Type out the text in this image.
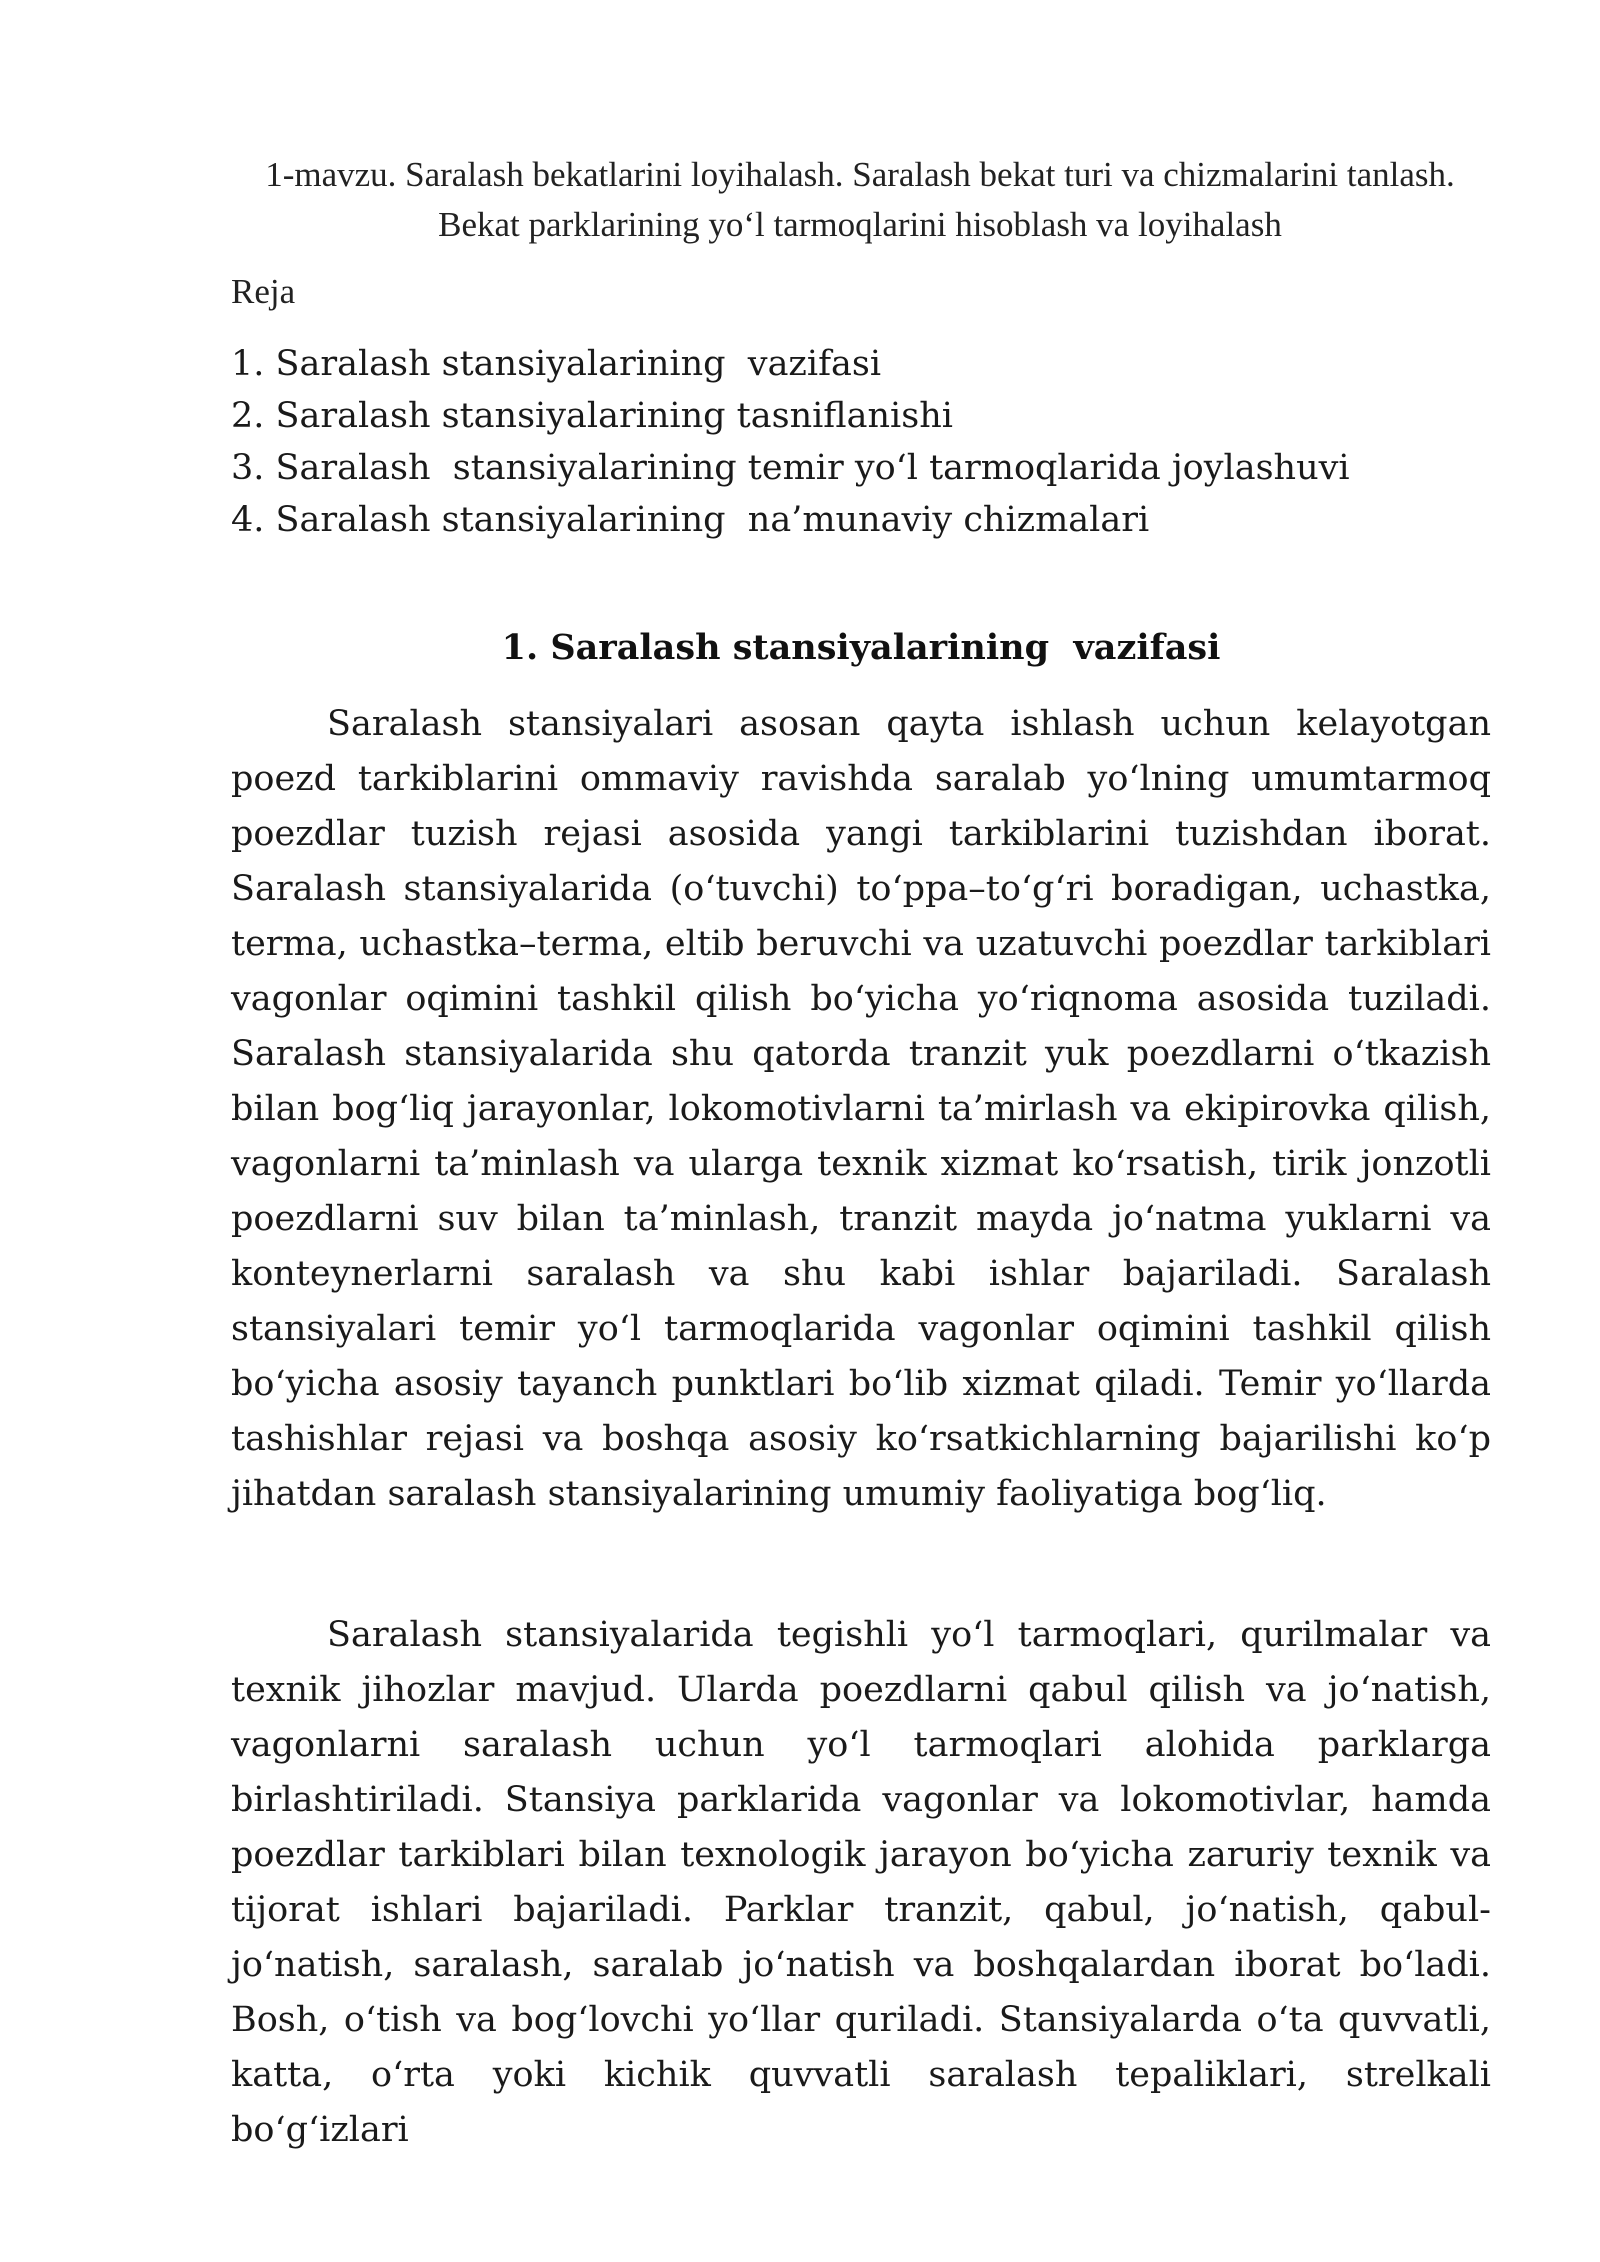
1-mavzu. Saralash bekatlarini loyihalash. Saralash bekat turi va chizmalarini tanlash. Bekat parklarining yo‘l tarmoqlarini hisoblash va loyihalash
Reja
1. Saralash stansiyalarining  vazifasi
2. Saralash stansiyalarining tasniflanishi
3. Saralash  stansiyalarining temir yo‘l tarmoqlarida joylashuvi
4. Saralash stansiyalarining  na’munaviy chizmalari
1. Saralash stansiyalarining  vazifasi

Saralash stansiyalari asosan qayta ishlash uchun kelayotgan poezd tarkiblarini ommaviy ravishda saralab yo‘lning umumtarmoq poezdlar tuzish rejasi asosida yangi tarkiblarini tuzishdan iborat. Saralash stansiyalarida (o‘tuvchi) to‘ppa–to‘g‘ri boradigan, uchastka, terma, uchastka–terma, eltib beruvchi va uzatuvchi poezdlar tarkiblari vagonlar oqimini tashkil qilish bo‘yicha yo‘riqnoma asosida tuziladi. Saralash stansiyalarida shu qatorda tranzit yuk poezdlarni o‘tkazish bilan bog‘liq jarayonlar, lokomotivlarni ta’mirlash va ekipirovka qilish, vagonlarni ta’minlash va ularga texnik xizmat ko‘rsatish, tirik jonzotli poezdlarni suv bilan ta’minlash, tranzit mayda jo‘natma yuklarni va konteynerlarni saralash va shu kabi ishlar bajariladi. Saralash stansiyalari temir yo‘l tarmoqlarida vagonlar oqimini tashkil qilish bo‘yicha asosiy tayanch punktlari bo‘lib xizmat qiladi. Temir yo‘llarda tashishlar rejasi va boshqa asosiy ko‘rsatkichlarning bajarilishi ko‘p jihatdan saralash stansiyalarining umumiy faoliyatiga bog‘liq.

Saralash stansiyalarida tegishli yo‘l tarmoqlari, qurilmalar va texnik jihozlar mavjud. Ularda poezdlarni qabul qilish va jo‘natish, vagonlarni saralash uchun yo‘l tarmoqlari alohida parklarga birlashtiriladi. Stansiya parklarida vagonlar va lokomotivlar, hamda poezdlar tarkiblari bilan texnologik jarayon bo‘yicha zaruriy texnik va tijorat ishlari bajariladi. Parklar tranzit, qabul, jo‘natish, qabul-jo‘natish, saralash, saralab jo‘natish va boshqalardan iborat bo‘ladi. Bosh, o‘tish va bog‘lovchi yo‘llar quriladi. Stansiyalarda o‘ta quvvatli, katta, o‘rta yoki kichik quvvatli saralash tepaliklari, strelkali bo‘g‘izlari
